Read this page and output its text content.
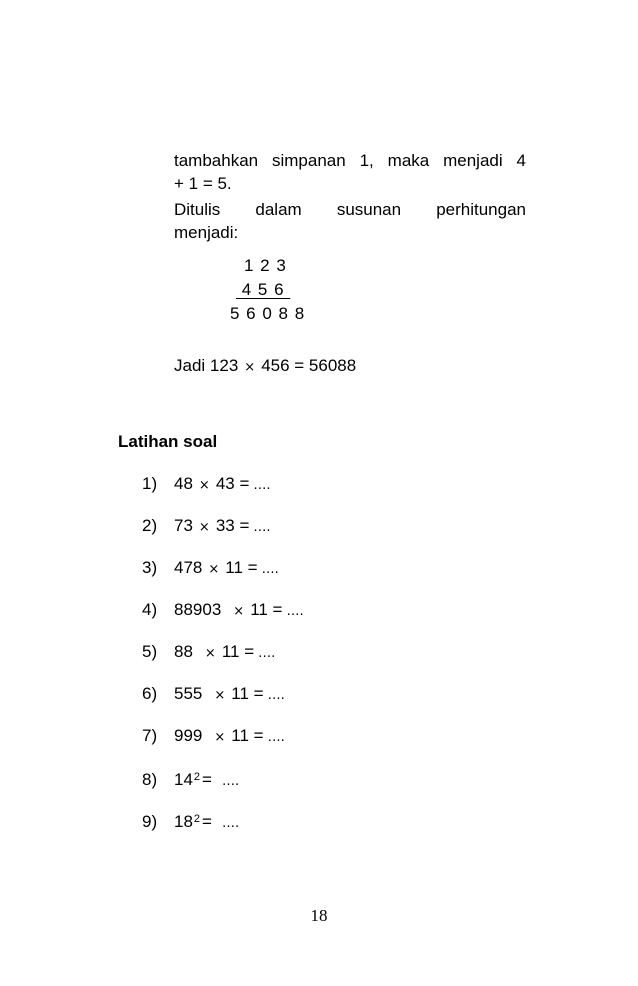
tambahkan simpanan 1, maka menjadi 4
+ 1 = 5.
Ditulis dalam susunan perhitungan
menjadi:
1 2 3
4 5 6
5 6 0 8 8
Jadi 123 × 456 = 56088
Latihan soal
1) 48 × 43 = ….
2) 73 × 33 = ….
3) 478 × 11 = ….
4) 88903 × 11 = ….
5) 88 × 11 = ….
6) 555 × 11 = ….
7) 999 × 11 = ….
8) $14^2$ = ….
9) $18^2$ = ….
18
